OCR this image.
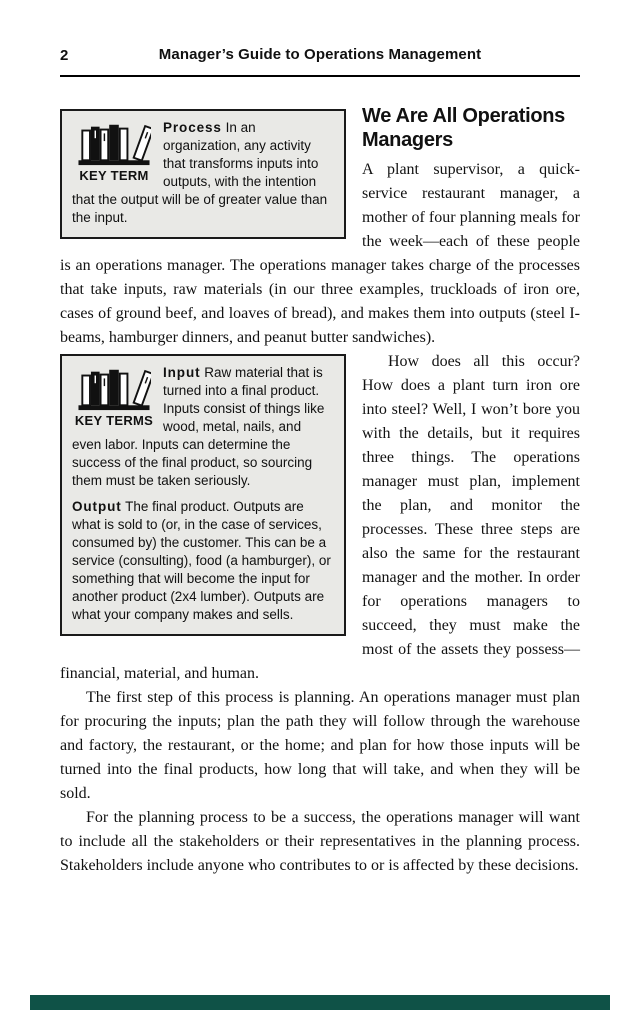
2	Manager’s Guide to Operations Management
KEY TERM

Process In an organization, any activity that transforms inputs into outputs, with the intention that the output will be of greater value than the input.

We Are All Operations Managers

A plant supervisor, a quick-service restaurant manager, a mother of four planning meals for the week—each of these people is an operations manager. The operations manager takes charge of the processes that take inputs, raw materials (in our three examples, truckloads of iron ore, cases of ground beef, and loaves of bread), and makes them into outputs (steel I-beams, hamburger dinners, and peanut butter sandwiches).

KEY TERMS

Input Raw material that is turned into a final product. Inputs consist of things like wood, metal, nails, and even labor. Inputs can determine the success of the final product, so sourcing them must be taken seriously.

Output The final product. Outputs are what is sold to (or, in the case of services, consumed by) the customer. This can be a service (consulting), food (a hamburger), or something that will become the input for another product (2x4 lumber). Outputs are what your company makes and sells.

How does all this occur? How does a plant turn iron ore into steel? Well, I won’t bore you with the details, but it requires three things. The operations manager must plan, implement the plan, and monitor the processes. These three steps are also the same for the restaurant manager and the mother. In order for operations managers to succeed, they must make the most of the assets they possess—financial, material, and human.

The first step of this process is planning. An operations manager must plan for procuring the inputs; plan the path they will follow through the warehouse and factory, the restaurant, or the home; and plan for how those inputs will be turned into the final products, how long that will take, and when they will be sold.

For the planning process to be a success, the operations manager will want to include all the stakeholders or their representatives in the planning process. Stakeholders include anyone who contributes to or is affected by these decisions.
